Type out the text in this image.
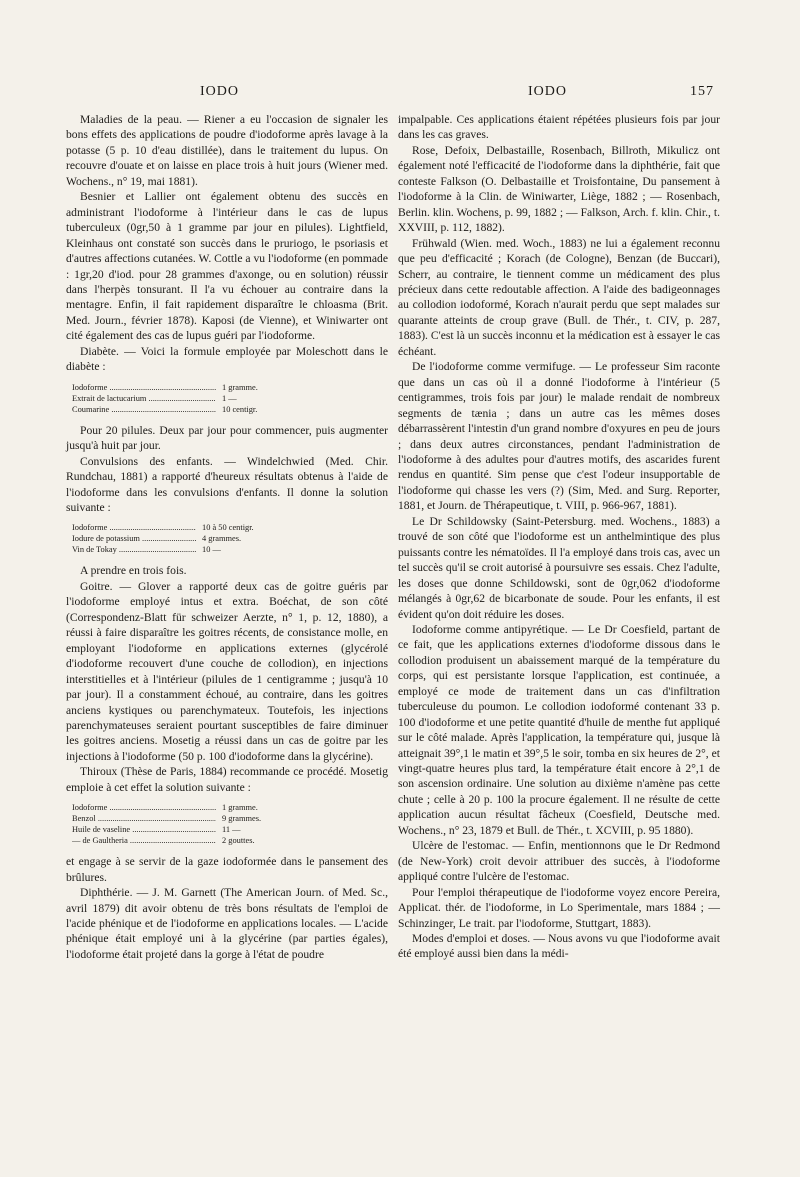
IODO	IODO	157

Maladies de la peau. — Riener a eu l'occasion de signaler les bons effets des applications de poudre d'iodoforme après lavage à la potasse (5 p. 10 d'eau distillée), dans le traitement du lupus. On recouvre d'ouate et on laisse en place trois à huit jours (Wiener med. Wochens., n° 19, mai 1881).

Besnier et Lallier ont également obtenu des succès en administrant l'iodoforme à l'intérieur dans le cas de lupus tuberculeux (0gr,50 à 1 gramme par jour en pilules). Lightfield, Kleinhaus ont constaté son succès dans le pruriogo, le psoriasis et d'autres affections cutanées. W. Cottle a vu l'iodoforme (en pommade : 1gr,20 d'iod. pour 28 grammes d'axonge, ou en solution) réussir dans l'herpès tonsurant. Il l'a vu échouer au contraire dans la mentagre. Enfin, il fait rapidement disparaître le chloasma (Brit. Med. Journ., février 1878). Kaposi (de Vienne), et Winiwarter ont cité également des cas de lupus guéri par l'iodoforme.

Diabète. — Voici la formule employée par Moleschott dans le diabète :

Iodoforme .....	1 gramme.
Extrait de lactucarium .....	1 —
Coumarine .....	10 centigr.

Pour 20 pilules. Deux par jour pour commencer, puis augmenter jusqu'à huit par jour.

Convulsions des enfants. — Windelchwied (Med. Chir. Rundchau, 1881) a rapporté d'heureux résultats obtenus à l'aide de l'iodoforme dans les convulsions d'enfants. Il donne la solution suivante :

Iodoforme .....	10 à 50 centigr.
Iodure de potassium .....	4 grammes.
Vin de Tokay .....	10 —

A prendre en trois fois.

Goitre. — Glover a rapporté deux cas de goitre guéris par l'iodoforme employé intus et extra. Boéchat, de son côté (Correspondenz-Blatt für schweizer Aerzte, n° 1, p. 12, 1880), a réussi à faire disparaître les goitres récents, de consistance molle, en employant l'iodoforme en applications externes (glycérolé d'iodoforme recouvert d'une couche de collodion), en injections interstitielles et à l'intérieur (pilules de 1 centigramme ; jusqu'à 10 par jour). Il a constamment échoué, au contraire, dans les goitres anciens kystiques ou parenchymateux. Toutefois, les injections parenchymateuses seraient pourtant susceptibles de faire diminuer les goitres anciens. Mosetig a réussi dans un cas de goitre par les injections à l'iodoforme (50 p. 100 d'iodoforme dans la glycérine).

Thiroux (Thèse de Paris, 1884) recommande ce procédé. Mosetig emploie à cet effet la solution suivante :

Iodoforme .....	1 gramme.
Benzol .....	9 grammes.
Huile de vaseline .....	11 —
— de Gaultheria .....	2 gouttes.

et engage à se servir de la gaze iodoformée dans le pansement des brûlures.

Diphthérie. — J. M. Garnett (The American Journ. of Med. Sc., avril 1879) dit avoir obtenu de très bons résultats de l'emploi de l'acide phénique et de l'iodoforme en applications locales. — L'acide phénique était employé uni à la glycérine (par parties égales), l'iodoforme était projeté dans la gorge à l'état de poudre

impalpable. Ces applications étaient répétées plusieurs fois par jour dans les cas graves.

Rose, Defoix, Delbastaille, Rosenbach, Billroth, Mikulicz ont également noté l'efficacité de l'iodoforme dans la diphthérie, fait que conteste Falkson (O. Delbastaille et Troisfontaine, Du pansement à l'iodoforme à la Clin. de Winiwarter, Liège, 1882 ; — Rosenbach, Berlin. klin. Wochens, p. 99, 1882 ; — Falkson, Arch. f. klin. Chir., t. XXVIII, p. 112, 1882).

Frühwald (Wien. med. Woch., 1883) ne lui a également reconnu que peu d'efficacité ; Korach (de Cologne), Benzan (de Buccari), Scherr, au contraire, le tiennent comme un médicament des plus précieux dans cette redoutable affection. A l'aide des badigeonnages au collodion iodoformé, Korach n'aurait perdu que sept malades sur quarante atteints de croup grave (Bull. de Thér., t. CIV, p. 287, 1883). C'est là un succès inconnu et la médication est à essayer le cas échéant.

De l'iodoforme comme vermifuge. — Le professeur Sim raconte que dans un cas où il a donné l'iodoforme à l'intérieur (5 centigrammes, trois fois par jour) le malade rendait de nombreux segments de tænia ; dans un autre cas les mêmes doses débarrassèrent l'intestin d'un grand nombre d'oxyures en peu de jours ; dans deux autres circonstances, pendant l'administration de l'iodoforme à des adultes pour d'autres motifs, des ascarides furent rendus en quantité. Sim pense que c'est l'odeur insupportable de l'iodoforme qui chasse les vers (?) (Sim, Med. and Surg. Reporter, 1881, et Journ. de Thérapeutique, t. VIII, p. 966-967, 1881).

Le Dr Schildowsky (Saint-Petersburg. med. Wochens., 1883) a trouvé de son côté que l'iodoforme est un anthelmintique des plus puissants contre les nématoïdes. Il l'a employé dans trois cas, avec un tel succès qu'il se croit autorisé à poursuivre ses essais. Chez l'adulte, les doses que donne Schildowski, sont de 0gr,062 d'iodoforme mélangés à 0gr,62 de bicarbonate de soude. Pour les enfants, il est évident qu'on doit réduire les doses.

Iodoforme comme antipyrétique. — Le Dr Coesfield, partant de ce fait, que les applications externes d'iodoforme dissous dans le collodion produisent un abaissement marqué de la température du corps, qui est persistante lorsque l'application, est continuée, a employé ce mode de traitement dans un cas d'infiltration tuberculeuse du poumon. Le collodion iodoformé contenant 33 p. 100 d'iodoforme et une petite quantité d'huile de menthe fut appliqué sur le côté malade. Après l'application, la température qui, jusque là atteignait 39°,1 le matin et 39°,5 le soir, tomba en six heures de 2°, et vingt-quatre heures plus tard, la température était encore à 2°,1 de son ascension ordinaire. Une solution au dixième n'amène pas cette chute ; celle à 20 p. 100 la procure également. Il ne résulte de cette application aucun résultat fâcheux (Coesfield, Deutsche med. Wochens., n° 23, 1879 et Bull. de Thér., t. XCVIII, p. 95 1880).

Ulcère de l'estomac. — Enfin, mentionnons que le Dr Redmond (de New-York) croit devoir attribuer des succès, à l'iodoforme appliqué contre l'ulcère de l'estomac.

Pour l'emploi thérapeutique de l'iodoforme voyez encore Pereira, Applicat. thér. de l'iodoforme, in Lo Sperimentale, mars 1884 ; — Schinzinger, Le trait. par l'iodoforme, Stuttgart, 1883).

Modes d'emploi et doses. — Nous avons vu que l'iodoforme avait été employé aussi bien dans la médi-
